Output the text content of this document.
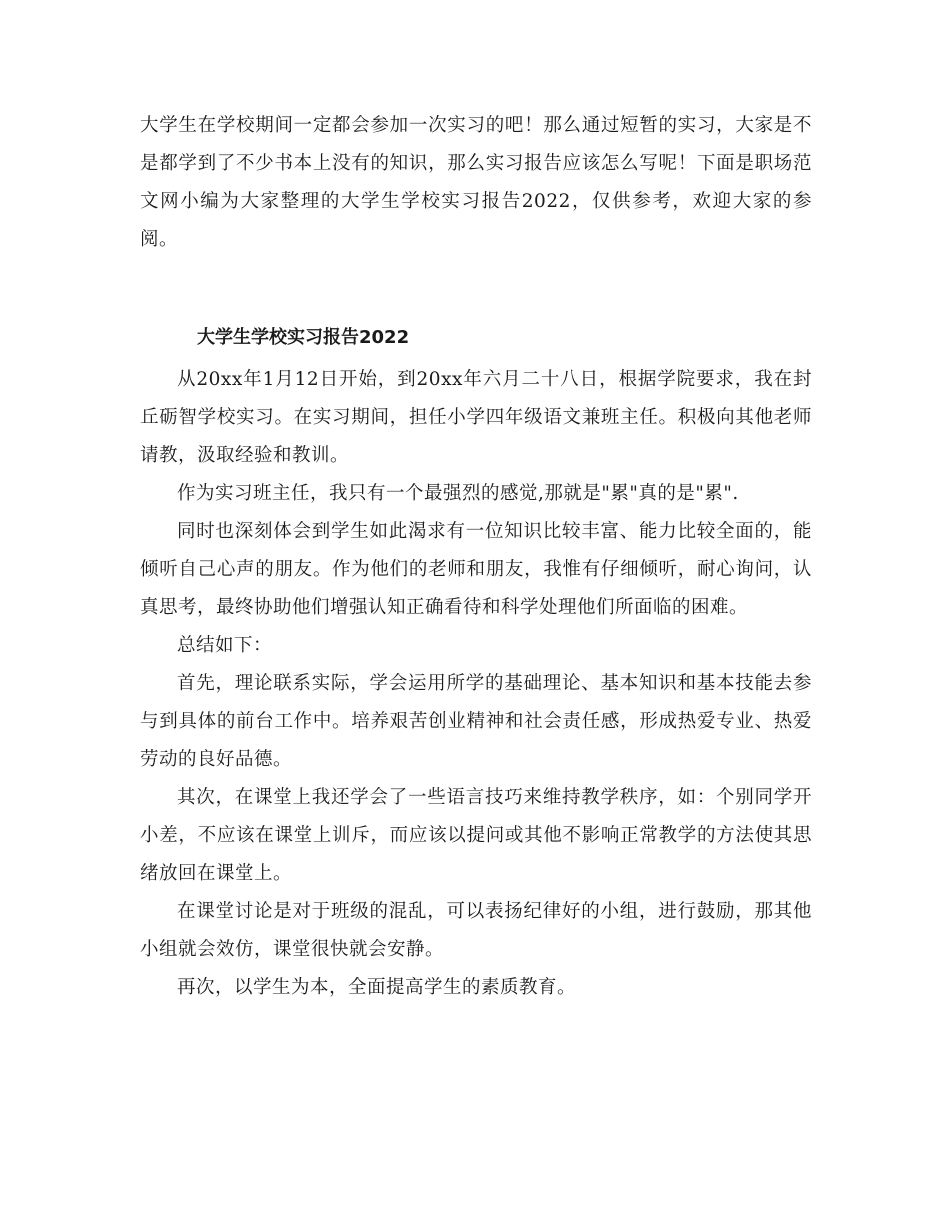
大学生在学校期间一定都会参加一次实习的吧！那么通过短暂的实习，大家是不是都学到了不少书本上没有的知识，那么实习报告应该怎么写呢！下面是职场范文网小编为大家整理的大学生学校实习报告2022，仅供参考，欢迎大家的参阅。
大学生学校实习报告2022

从20xx年1月12日开始，到20xx年六月二十八日，根据学院要求，我在封丘砺智学校实习。在实习期间，担任小学四年级语文兼班主任。积极向其他老师请教，汲取经验和教训。

作为实习班主任，我只有一个最强烈的感觉,那就是"累"真的是"累".

同时也深刻体会到学生如此渴求有一位知识比较丰富、能力比较全面的，能倾听自己心声的朋友。作为他们的老师和朋友，我惟有仔细倾听，耐心询问，认真思考，最终协助他们增强认知正确看待和科学处理他们所面临的困难。

总结如下：

首先，理论联系实际，学会运用所学的基础理论、基本知识和基本技能去参与到具体的前台工作中。培养艰苦创业精神和社会责任感，形成热爱专业、热爱劳动的良好品德。

其次，在课堂上我还学会了一些语言技巧来维持教学秩序，如：个别同学开小差，不应该在课堂上训斥，而应该以提问或其他不影响正常教学的方法使其思绪放回在课堂上。

在课堂讨论是对于班级的混乱，可以表扬纪律好的小组，进行鼓励，那其他小组就会效仿，课堂很快就会安静。

再次，以学生为本，全面提高学生的素质教育。
